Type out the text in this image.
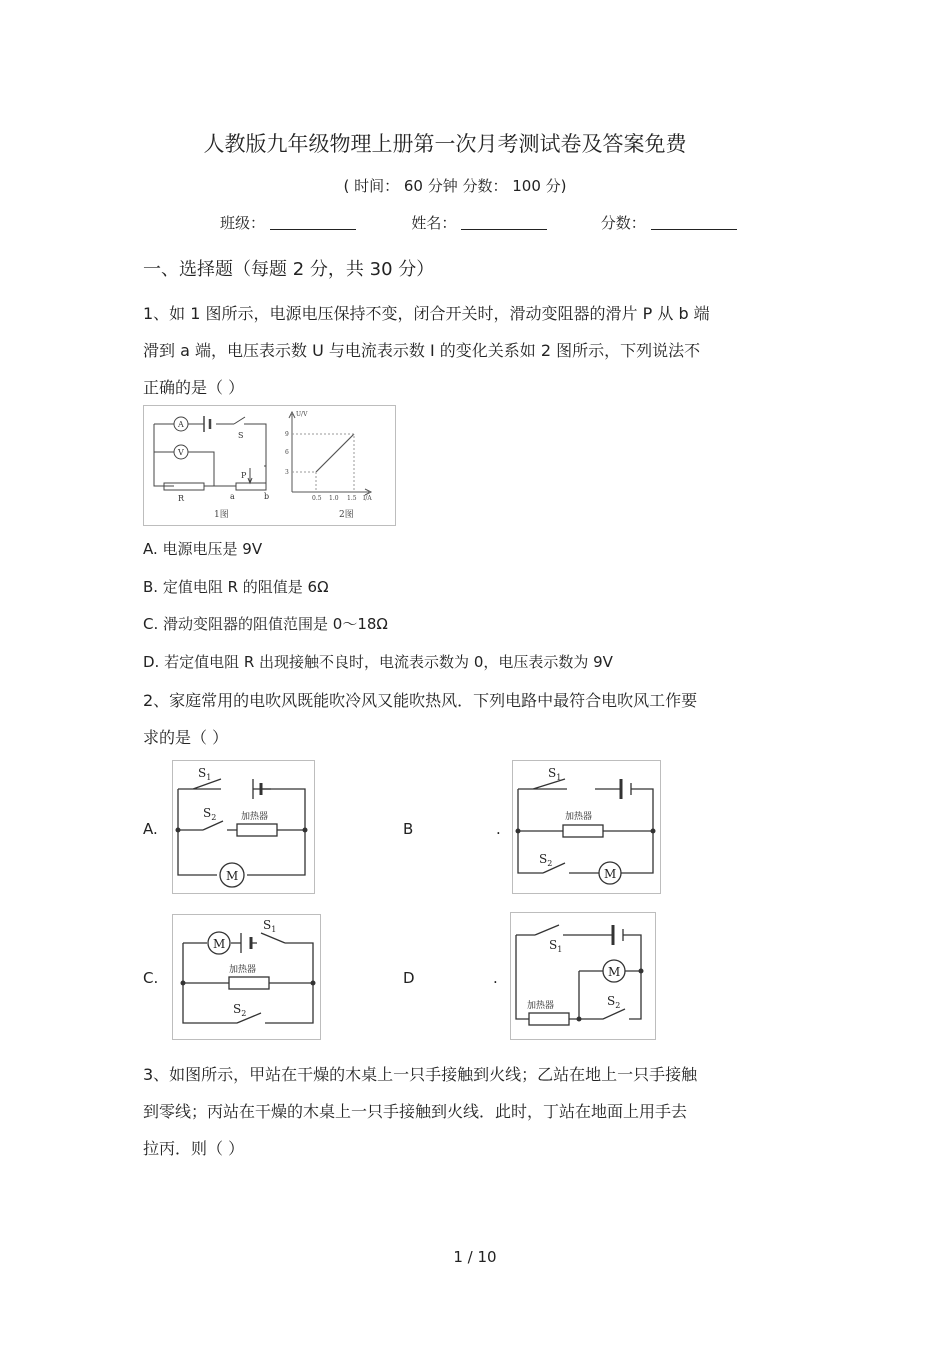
人教版九年级物理上册第一次月考测试卷及答案免费
( 时间： 60 分钟 分数： 100 分)
班级：	姓名：	分数：
一、选择题（每题 2 分，共 30 分）
1、如 1 图所示，电源电压保持不变，闭合开关时，滑动变阻器的滑片 P 从 b 端
滑到 a 端，电压表示数 U 与电流表示数 I 的变化关系如 2 图所示，下列说法不
正确的是（ ）
A
V
S
P
R	a	b
1图
U/V
9
6
3
0.5 1.0 1.5 I/A
2图
A. 电源电压是 9V
B. 定值电阻 R 的阻值是 6Ω
C. 滑动变阻器的阻值范围是 0～18Ω
D. 若定值电阻 R 出现接触不良时，电流表示数为 0，电压表示数为 9V
2、家庭常用的电吹风既能吹冷风又能吹热风．下列电路中最符合电吹风工作要
求的是（ ）
A.
$S_1$
$S_2$
M
加热器
B	.
$S_1$
$S_2$
M
加热器
C.
M
$S_1$
$S_2$
加热器	D	.
$S_1$
M
$S_2$
加热器
3、如图所示，甲站在干燥的木桌上一只手接触到火线；乙站在地上一只手接触
到零线；丙站在干燥的木桌上一只手接触到火线．此时，丁站在地面上用手去
拉丙．则（ ）
1 / 10
